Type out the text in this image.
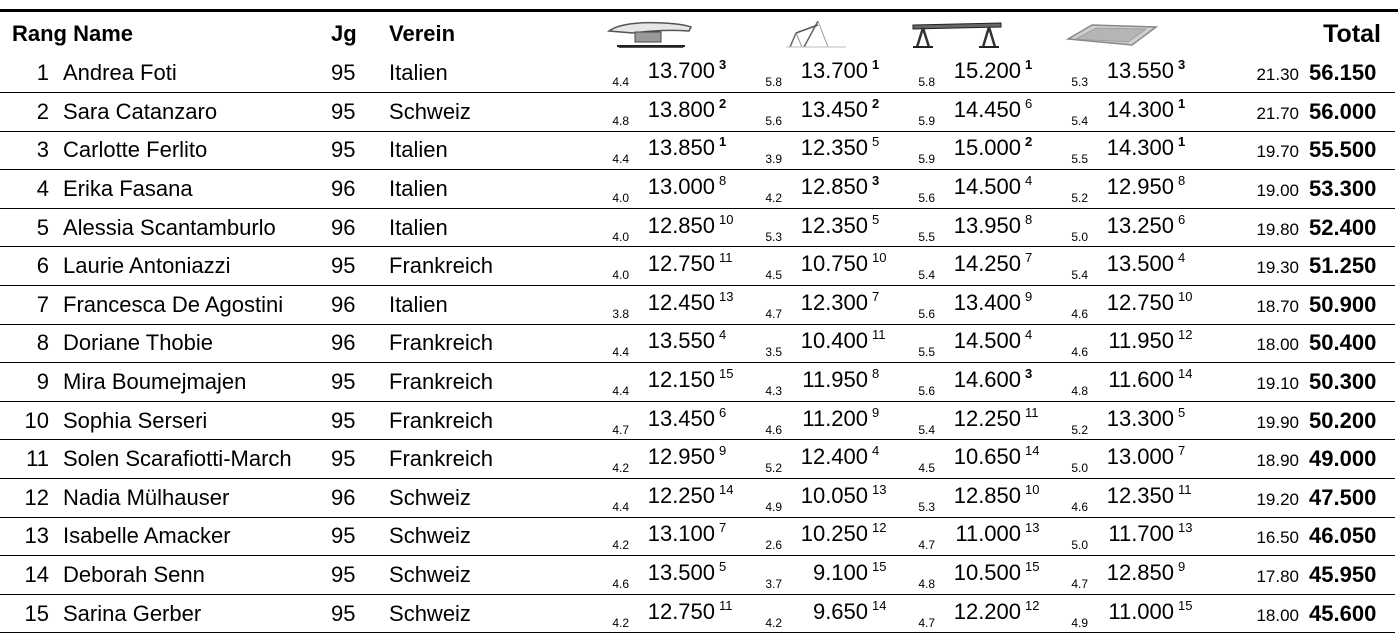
Rang Name		Jg	Verein					Total
1	Andrea Foti	95	Italien	4.4 13.700 3	5.8 13.700 1	5.8 15.200 1	5.3 13.550 3	21.30 56.150
2	Sara Catanzaro	95	Schweiz	4.8 13.800 2	5.6 13.450 2	5.9 14.450 6	5.4 14.300 1	21.70 56.000
3	Carlotte Ferlito	95	Italien	4.4 13.850 1	3.9 12.350 5	5.9 15.000 2	5.5 14.300 1	19.70 55.500
4	Erika Fasana	96	Italien	4.0 13.000 8	4.2 12.850 3	5.6 14.500 4	5.2 12.950 8	19.00 53.300
5	Alessia Scantamburlo	96	Italien	4.0 12.850 10	5.3 12.350 5	5.5 13.950 8	5.0 13.250 6	19.80 52.400
6	Laurie Antoniazzi	95	Frankreich	4.0 12.750 11	4.5 10.750 10	5.4 14.250 7	5.4 13.500 4	19.30 51.250
7	Francesca De Agostini	96	Italien	3.8 12.450 13	4.7 12.300 7	5.6 13.400 9	4.6 12.750 10	18.70 50.900
8	Doriane Thobie	96	Frankreich	4.4 13.550 4	3.5 10.400 11	5.5 14.500 4	4.6 11.950 12	18.00 50.400
9	Mira Boumejmajen	95	Frankreich	4.4 12.150 15	4.3 11.950 8	5.6 14.600 3	4.8 11.600 14	19.10 50.300
10	Sophia Serseri	95	Frankreich	4.7 13.450 6	4.6 11.200 9	5.4 12.250 11	5.2 13.300 5	19.90 50.200
11	Solen Scarafiotti-March	95	Frankreich	4.2 12.950 9	5.2 12.400 4	4.5 10.650 14	5.0 13.000 7	18.90 49.000
12	Nadia Mülhauser	96	Schweiz	4.4 12.250 14	4.9 10.050 13	5.3 12.850 10	4.6 12.350 11	19.20 47.500
13	Isabelle Amacker	95	Schweiz	4.2 13.100 7	2.6 10.250 12	4.7 11.000 13	5.0 11.700 13	16.50 46.050
14	Deborah Senn	95	Schweiz	4.6 13.500 5	3.7 9.100 15	4.8 10.500 15	4.7 12.850 9	17.80 45.950
15	Sarina Gerber	95	Schweiz	4.2 12.750 11	4.2 9.650 14	4.7 12.200 12	4.9 11.000 15	18.00 45.600
